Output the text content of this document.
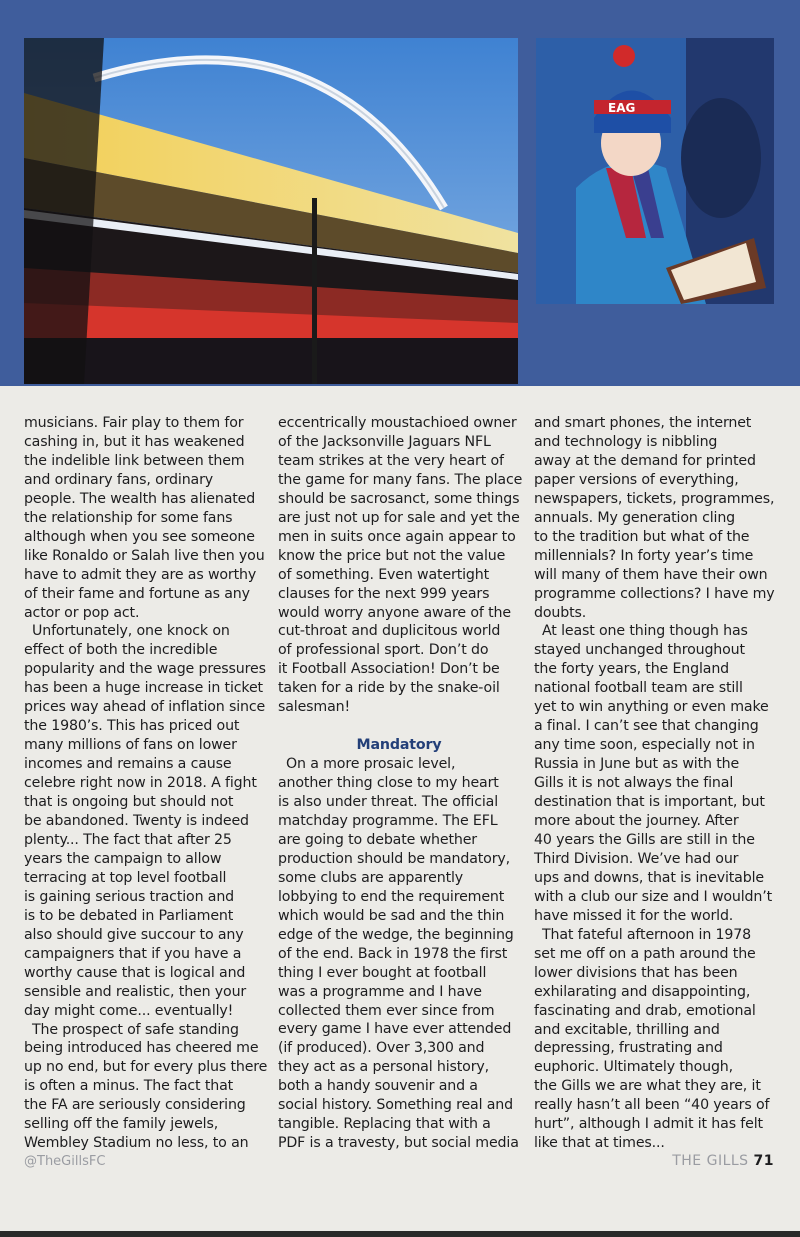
EAG

musicians. Fair play to them for

cashing in, but it has weakened

the indelible link between them

and ordinary fans, ordinary

people. The wealth has alienated

the relationship for some fans

although when you see someone

like Ronaldo or Salah live then you

have to admit they are as worthy

of their fame and fortune as any

actor or pop act.

Unfortunately, one knock on

effect of both the incredible

popularity and the wage pressures

has been a huge increase in ticket

prices way ahead of inflation since

the 1980’s. This has priced out

many millions of fans on lower

incomes and remains a cause

celebre right now in 2018. A fight

that is ongoing but should not

be abandoned. Twenty is indeed

plenty... The fact that after 25

years the campaign to allow

terracing at top level football

is gaining serious traction and

is to be debated in Parliament

also should give succour to any

campaigners that if you have a

worthy cause that is logical and

sensible and realistic, then your

day might come... eventually!

The prospect of safe standing

being introduced has cheered me

up no end, but for every plus there

is often a minus. The fact that

the FA are seriously considering

selling off the family jewels,

Wembley Stadium no less, to an

eccentrically moustachioed owner

of the Jacksonville Jaguars NFL

team strikes at the very heart of

the game for many fans. The place

should be sacrosanct, some things

are just not up for sale and yet the

men in suits once again appear to

know the price but not the value

of something. Even watertight

clauses for the next 999 years

would worry anyone aware of the

cut-throat and duplicitous world

of professional sport. Don’t do

it Football Association! Don’t be

taken for a ride by the snake-oil

salesman!

Mandatory

On a more prosaic level,

another thing close to my heart

is also under threat. The official

matchday programme. The EFL

are going to debate whether

production should be mandatory,

some clubs are apparently

lobbying to end the requirement

which would be sad and the thin

edge of the wedge, the beginning

of the end. Back in 1978 the first

thing I ever bought at football

was a programme and I have

collected them ever since from

every game I have ever attended

(if produced). Over 3,300 and

they act as a personal history,

both a handy souvenir and a

social history. Something real and

tangible. Replacing that with a

PDF is a travesty, but social media

and smart phones, the internet

and technology is nibbling

away at the demand for printed

paper versions of everything,

newspapers, tickets, programmes,

annuals. My generation cling

to the tradition but what of the

millennials? In forty year’s time

will many of them have their own

programme collections? I have my

doubts.

At least one thing though has

stayed unchanged throughout

the forty years, the England

national football team are still

yet to win anything or even make

a final. I can’t see that changing

any time soon, especially not in

Russia in June but as with the

Gills it is not always the final

destination that is important, but

more about the journey. After

40 years the Gills are still in the

Third Division. We’ve had our

ups and downs, that is inevitable

with a club our size and I wouldn’t

have missed it for the world.

That fateful afternoon in 1978

set me off on a path around the

lower divisions that has been

exhilarating and disappointing,

fascinating and drab, emotional

and excitable, thrilling and

depressing, frustrating and

euphoric. Ultimately though,

the Gills we are what they are, it

really hasn’t all been “40 years of

hurt”, although I admit it has felt

like that at times...

@TheGillsFC	THE GILLS 71
